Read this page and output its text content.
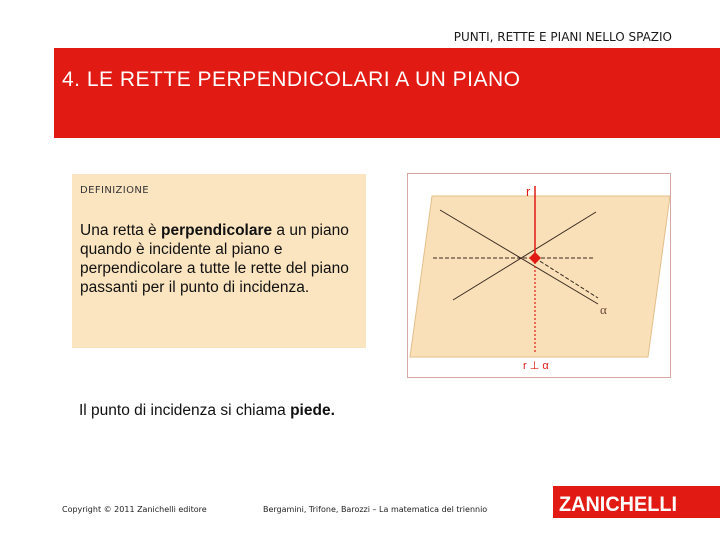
PUNTI, RETTE E PIANI NELLO SPAZIO
4. LE RETTE PERPENDICOLARI A UN PIANO
DEFINIZIONE
Una retta è perpendicolare a un piano quando è incidente al piano e perpendicolare a tutte le rette del piano passanti per il punto di incidenza.
r
α
r ⊥ α
Il punto di incidenza si chiama piede.
Copyright © 2011 Zanichelli editore	Bergamini, Trifone, Barozzi – La matematica del triennio	ZANICHELLI
